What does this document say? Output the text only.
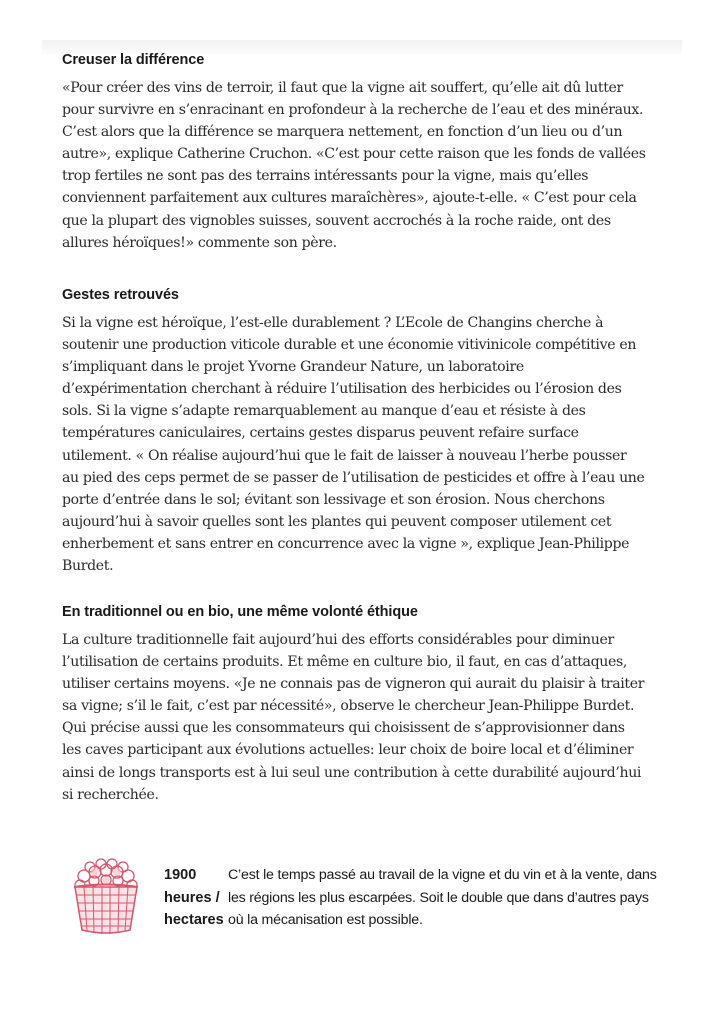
Creuser la différence

«Pour créer des vins de terroir, il faut que la vigne ait souffert, qu’elle ait dû lutter
pour survivre en s’enracinant en profondeur à la recherche de l’eau et des minéraux.
C’est alors que la différence se marquera nettement, en fonction d’un lieu ou d’un
autre», explique Catherine Cruchon. «C’est pour cette raison que les fonds de vallées
trop fertiles ne sont pas des terrains intéressants pour la vigne, mais qu’elles
conviennent parfaitement aux cultures maraîchères», ajoute-t-elle. « C’est pour cela
que la plupart des vignobles suisses, souvent accrochés à la roche raide, ont des
allures héroïques!» commente son père.

Gestes retrouvés

Si la vigne est héroïque, l’est-elle durablement ? L’Ecole de Changins cherche à
soutenir une production viticole durable et une économie vitivinicole compétitive en
s’impliquant dans le projet Yvorne Grandeur Nature, un laboratoire
d’expérimentation cherchant à réduire l’utilisation des herbicides ou l’érosion des
sols. Si la vigne s’adapte remarquablement au manque d’eau et résiste à des
températures caniculaires, certains gestes disparus peuvent refaire surface
utilement. « On réalise aujourd’hui que le fait de laisser à nouveau l’herbe pousser
au pied des ceps permet de se passer de l’utilisation de pesticides et offre à l’eau une
porte d’entrée dans le sol; évitant son lessivage et son érosion. Nous cherchons
aujourd’hui à savoir quelles sont les plantes qui peuvent composer utilement cet
enherbement et sans entrer en concurrence avec la vigne », explique Jean-Philippe
Burdet.

En traditionnel ou en bio, une même volonté éthique

La culture traditionnelle fait aujourd’hui des efforts considérables pour diminuer
l’utilisation de certains produits. Et même en culture bio, il faut, en cas d’attaques,
utiliser certains moyens. «Je ne connais pas de vigneron qui aurait du plaisir à traiter
sa vigne; s’il le fait, c’est par nécessité», observe le chercheur Jean-Philippe Burdet.
Qui précise aussi que les consommateurs qui choisissent de s’approvisionner dans
les caves participant aux évolutions actuelles: leur choix de boire local et d’éliminer
ainsi de longs transports est à lui seul une contribution à cette durabilité aujourd’hui
si recherchée.

1900
heures /
hectares
C’est le temps passé au travail de la vigne et du vin et à la vente, dans
les régions les plus escarpées. Soit le double que dans d’autres pays
où la mécanisation est possible.
